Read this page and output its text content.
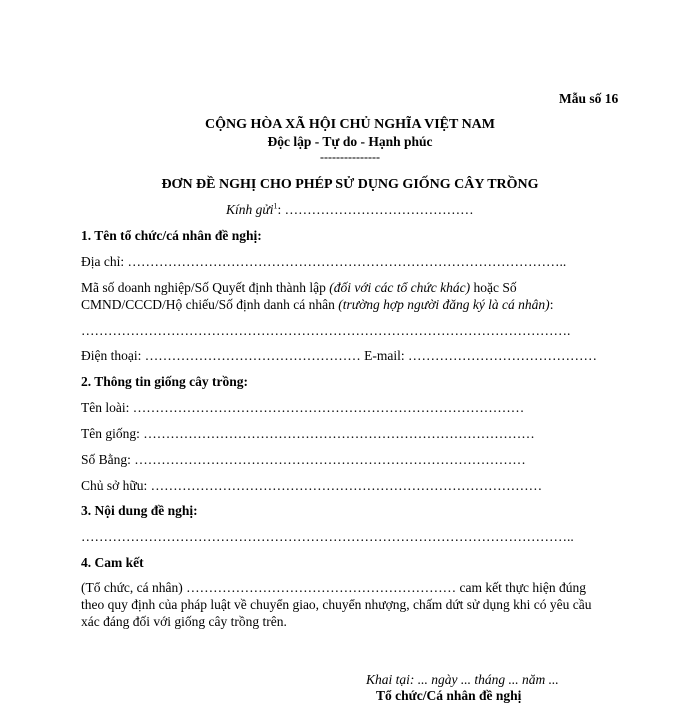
Mẫu số 16
CỘNG HÒA XÃ HỘI CHỦ NGHĨA VIỆT NAM
Độc lập - Tự do - Hạnh phúc
---------------
ĐƠN ĐỀ NGHỊ CHO PHÉP SỬ DỤNG GIỐNG CÂY TRỒNG
Kính gửi$^1$: ……………………………………
1. Tên tổ chức/cá nhân đề nghị:
Địa chỉ: ……………………………………………………………………………………..
Mã số doanh nghiệp/Số Quyết định thành lập (đối với các tổ chức khác) hoặc Số
CMND/CCCD/Hộ chiếu/Số định danh cá nhân (trường hợp người đăng ký là cá nhân):
……………………………………………………………………………………………….
Điện thoại: ………………………………………… E-mail: ……………………………………
2. Thông tin giống cây trồng:
Tên loài: ……………………………………………………………………………
Tên giống: ……………………………………………………………………………
Số Bằng: ……………………………………………………………………………
Chủ sở hữu: ……………………………………………………………………………
3. Nội dung đề nghị:
………………………………………………………………………………………………..
4. Cam kết
(Tổ chức, cá nhân) …………………………………………………… cam kết thực hiện đúng
theo quy định của pháp luật về chuyển giao, chuyển nhượng, chấm dứt sử dụng khi có yêu cầu
xác đáng đối với giống cây trồng trên.
Khai tại: ... ngày ... tháng ... năm ...
Tổ chức/Cá nhân đề nghị
